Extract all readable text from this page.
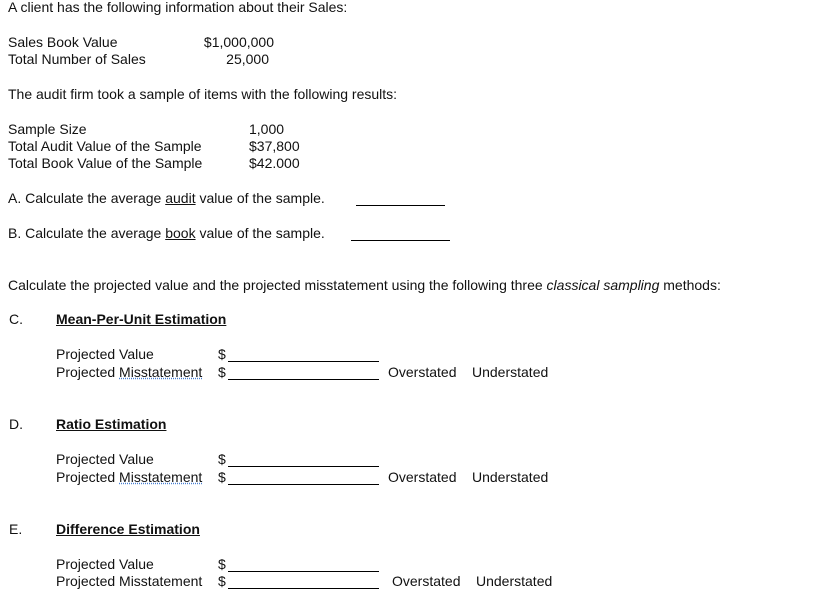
A client has the following information about their Sales:
Sales Book Value	$1,000,000
Total Number of Sales	25,000
The audit firm took a sample of items with the following results:
Sample Size	1,000
Total Audit Value of the Sample	$37,800
Total Book Value of the Sample	$42.000
A. Calculate the average audit value of the sample.
B. Calculate the average book value of the sample.
Calculate the projected value and the projected misstatement using the following three classical sampling methods:
C. Mean-Per-Unit Estimation
Projected Value	$
Projected Misstatement $	Overstated Understated
D. Ratio Estimation
Projected Value	$
Projected Misstatement $	Overstated Understated
E. Difference Estimation
Projected Value	$
Projected Misstatement $	Overstated Understated
